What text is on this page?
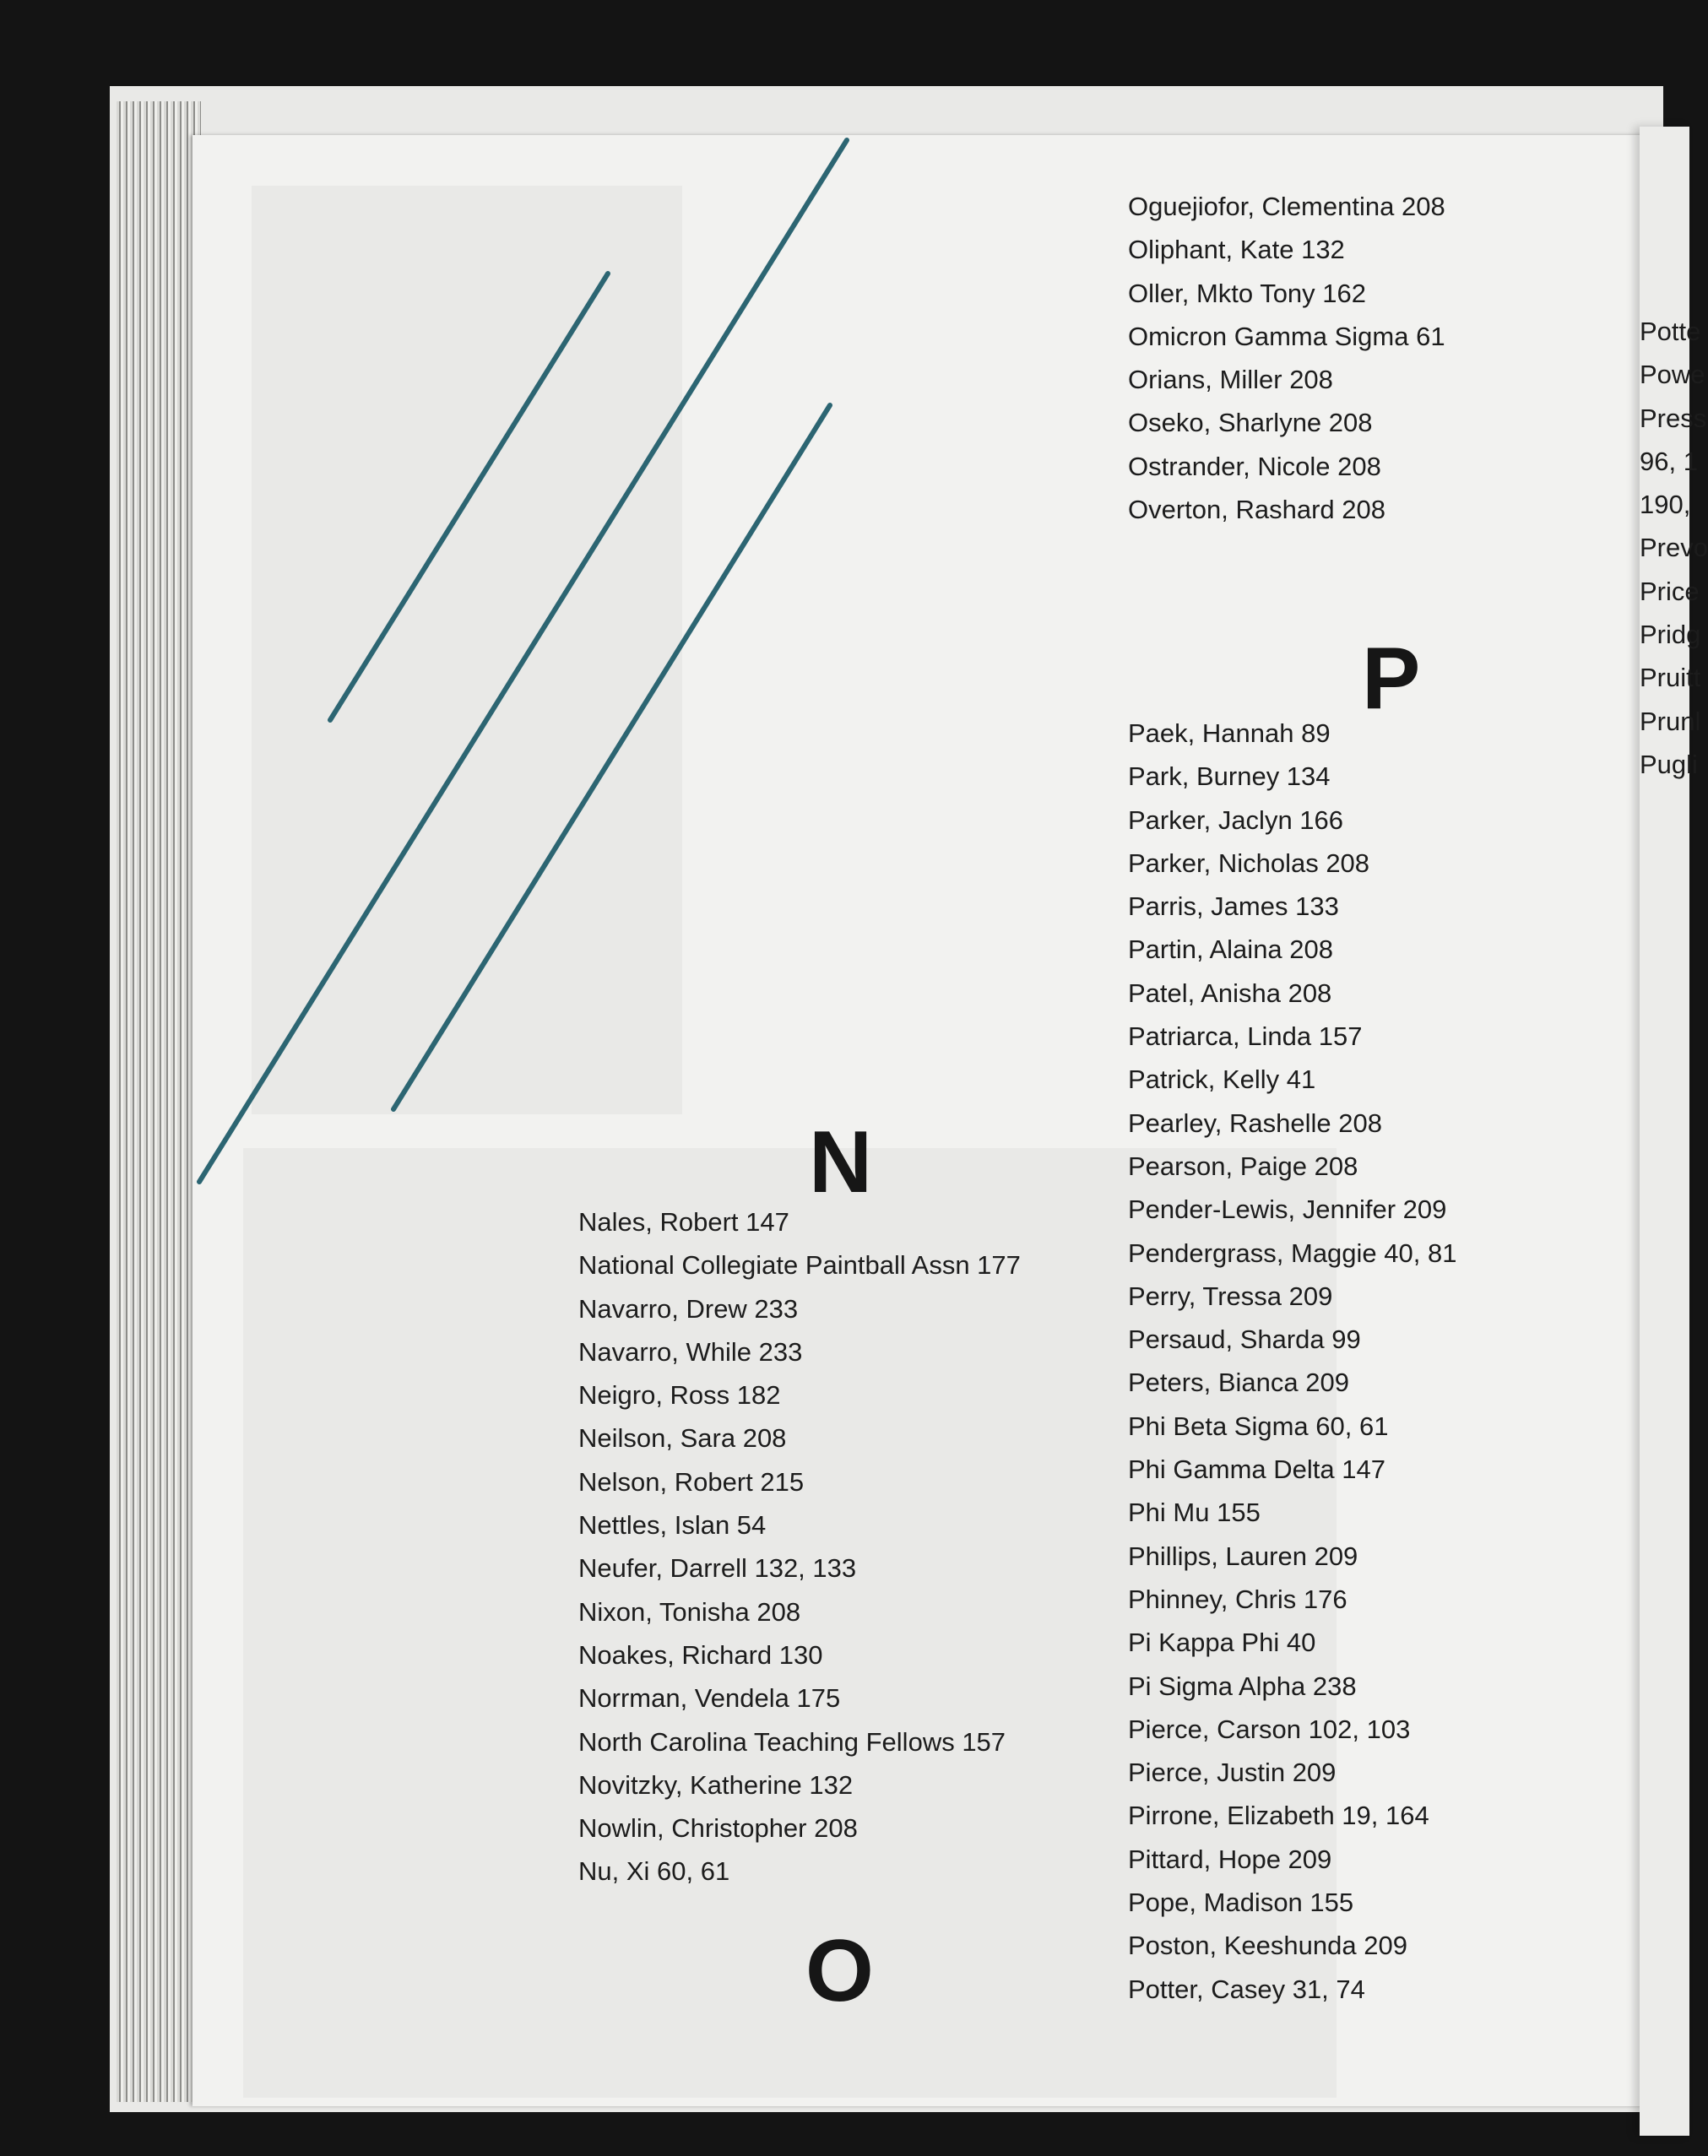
N
Nales, Robert 147
National Collegiate Paintball Assn 177
Navarro, Drew 233
Navarro, While 233
Neigro, Ross 182
Neilson, Sara 208
Nelson, Robert 215
Nettles, Islan 54
Neufer, Darrell 132, 133
Nixon, Tonisha 208
Noakes, Richard 130
Norrman, Vendela 175
North Carolina Teaching Fellows 157
Novitzky, Katherine 132
Nowlin, Christopher 208
Nu, Xi 60, 61
O
Oguejiofor, Clementina 208
Oliphant, Kate 132
Oller, Mkto Tony 162
Omicron Gamma Sigma 61
Orians, Miller 208
Oseko, Sharlyne 208
Ostrander, Nicole 208
Overton, Rashard 208
P
Paek, Hannah 89
Park, Burney 134
Parker, Jaclyn 166
Parker, Nicholas 208
Parris, James 133
Partin, Alaina 208
Patel, Anisha 208
Patriarca, Linda 157
Patrick, Kelly 41
Pearley, Rashelle 208
Pearson, Paige 208
Pender-Lewis, Jennifer 209
Pendergrass, Maggie 40, 81
Perry, Tressa 209
Persaud, Sharda 99
Peters, Bianca 209
Phi Beta Sigma 60, 61
Phi Gamma Delta 147
Phi Mu 155
Phillips, Lauren 209
Phinney, Chris 176
Pi Kappa Phi 40
Pi Sigma Alpha 238
Pierce, Carson 102, 103
Pierce, Justin 209
Pirrone, Elizabeth 19, 164
Pittard, Hope 209
Pope, Madison 155
Poston, Keeshunda 209
Potter, Casey 31, 74
Potte
Powe
Press
96, 1
190,
Prevo
Price
Pridg
Pruitt
Prunl
Pugli
